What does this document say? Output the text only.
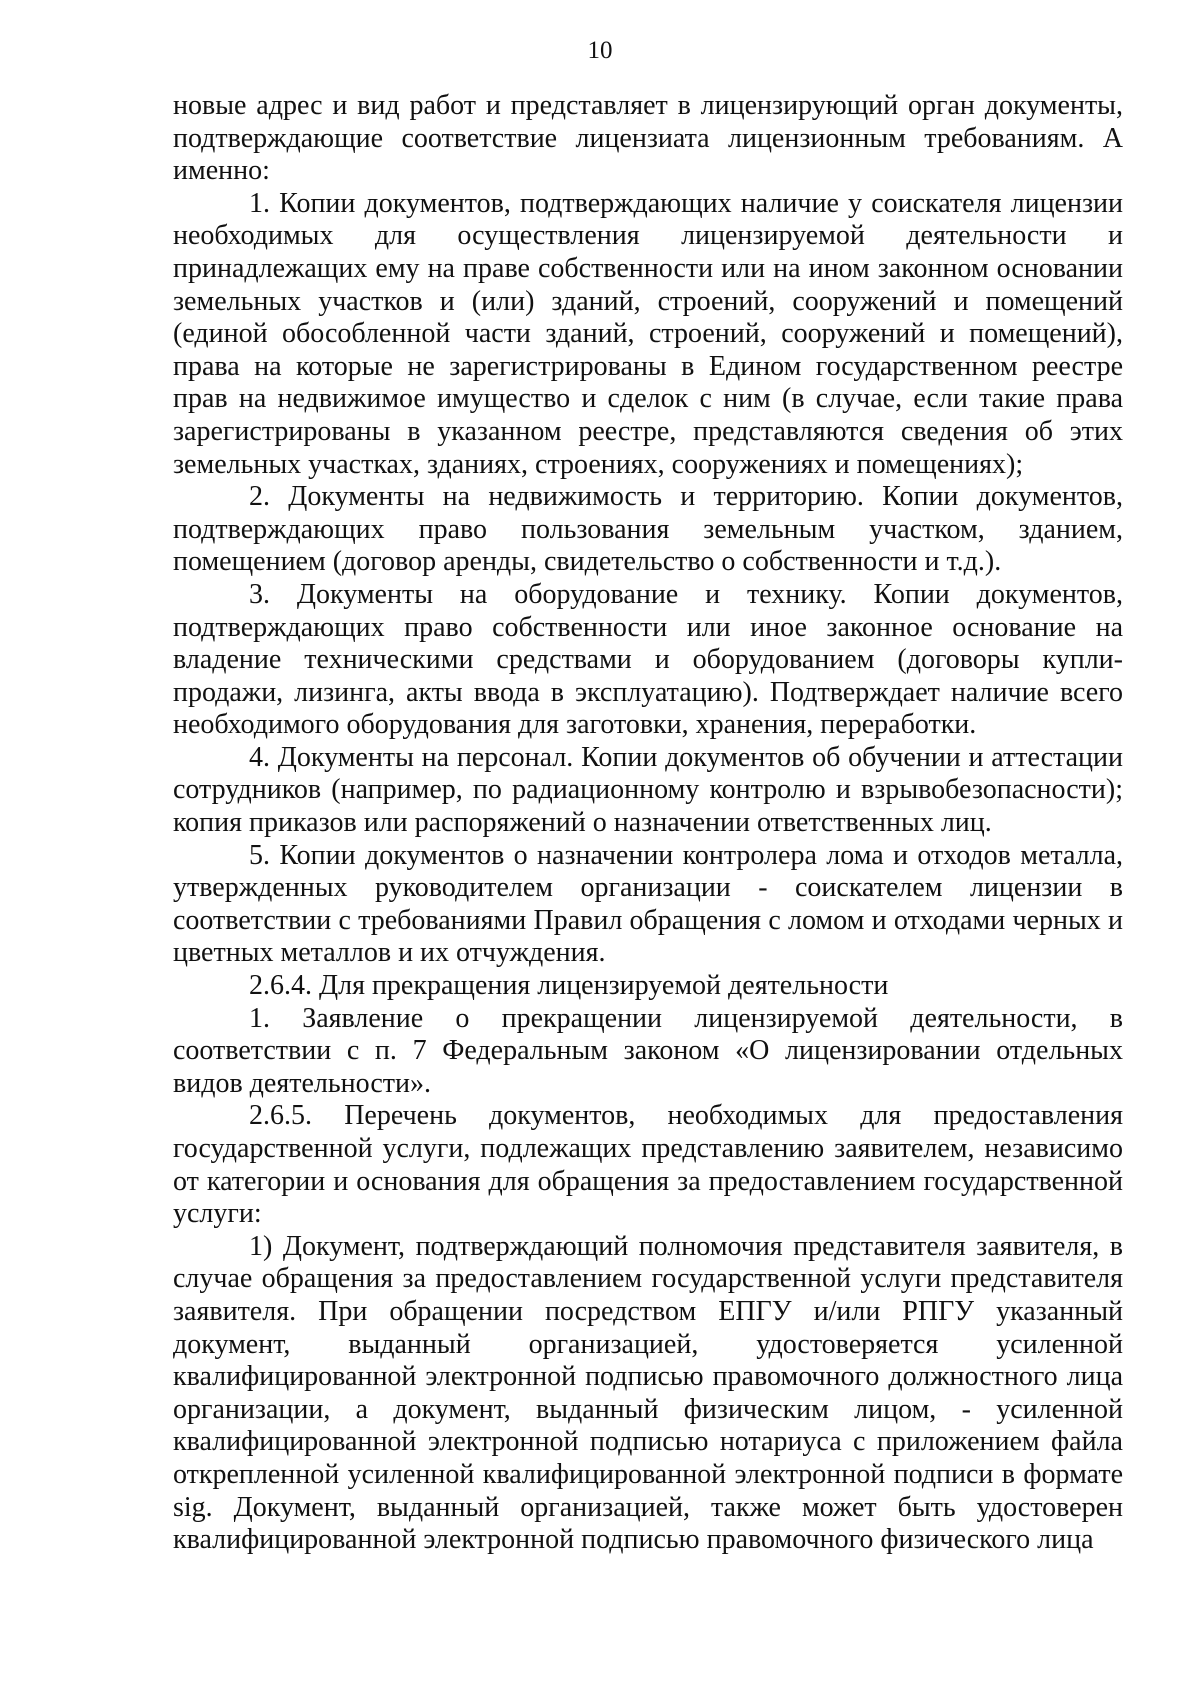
10

новые адрес и вид работ и представляет в лицензирующий орган документы, подтверждающие соответствие лицензиата лицензионным требованиям. А именно:

1. Копии документов, подтверждающих наличие у соискателя лицензии необходимых для осуществления лицензируемой деятельности и принадлежащих ему на праве собственности или на ином законном основании земельных участков и (или) зданий, строений, сооружений и помещений (единой обособленной части зданий, строений, сооружений и помещений), права на которые не зарегистрированы в Едином государственном реестре прав на недвижимое имущество и сделок с ним (в случае, если такие права зарегистрированы в указанном реестре, представляются сведения об этих земельных участках, зданиях, строениях, сооружениях и помещениях);

2. Документы на недвижимость и территорию. Копии документов, подтверждающих право пользования земельным участком, зданием, помещением (договор аренды, свидетельство о собственности и т.д.).

3. Документы на оборудование и технику. Копии документов, подтверждающих право собственности или иное законное основание на владение техническими средствами и оборудованием (договоры купли-продажи, лизинга, акты ввода в эксплуатацию). Подтверждает наличие всего необходимого оборудования для заготовки, хранения, переработки.

4. Документы на персонал. Копии документов об обучении и аттестации сотрудников (например, по радиационному контролю и взрывобезопасности); копия приказов или распоряжений о назначении ответственных лиц.

5. Копии документов о назначении контролера лома и отходов металла, утвержденных руководителем организации - соискателем лицензии в соответствии с требованиями Правил обращения с ломом и отходами черных и цветных металлов и их отчуждения.

2.6.4. Для прекращения лицензируемой деятельности

1. Заявление о прекращении лицензируемой деятельности, в соответствии с п. 7 Федеральным законом «О лицензировании отдельных видов деятельности».

2.6.5. Перечень документов, необходимых для предоставления государственной услуги, подлежащих представлению заявителем, независимо от категории и основания для обращения за предоставлением государственной услуги:

1) Документ, подтверждающий полномочия представителя заявителя, в случае обращения за предоставлением государственной услуги представителя заявителя. При обращении посредством ЕПГУ и/или РПГУ указанный документ, выданный организацией, удостоверяется усиленной квалифицированной электронной подписью правомочного должностного лица организации, а документ, выданный физическим лицом, - усиленной квалифицированной электронной подписью нотариуса с приложением файла открепленной усиленной квалифицированной электронной подписи в формате sig. Документ, выданный организацией, также может быть удостоверен квалифицированной электронной подписью правомочного физического лица
